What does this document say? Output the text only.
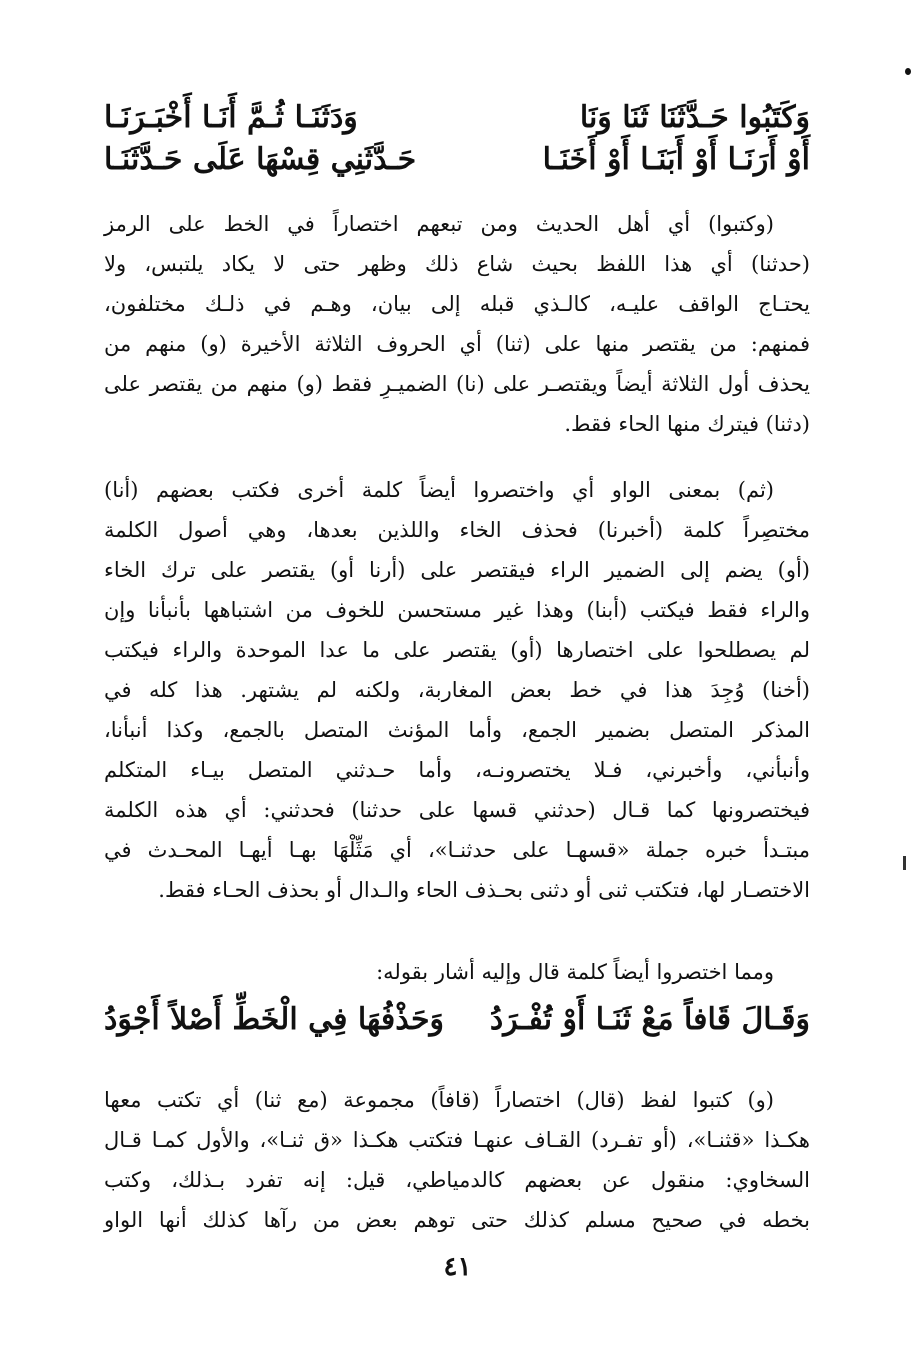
وَكَتَبُوا حَـدَّثَنَا ثَنَا وَنَا
وَدَثَنَـا ثُـمَّ أَنَـا أَخْبَـرَنَـا
أَوْ أَرَنَـا أَوْ أَبَنَـا أَوْ أَخَنَـا
حَـدَّثَنِي قِسْهَا عَلَى حَـدَّثَنَـا

(وكتبوا) أي أهل الحديث ومن تبعهم اختصاراً في الخط على الرمز
(حدثنا) أي هذا اللفظ بحيث شاع ذلك وظهر حتى لا يكاد يلتبس، ولا
يحتـاج الواقف عليـه، كالـذي قبله إلى بيان، وهـم في ذلـك مختلفون،
فمنهم: من يقتصر منها على (ثنا) أي الحروف الثلاثة الأخيرة (و) منهم من
يحذف أول الثلاثة أيضاً ويقتصـر على (نا) الضميـرِ فقط (و) منهم من يقتصر على
(دثنا) فيترك منها الحاء فقط.

(ثم) بمعنى الواو أي واختصروا أيضاً كلمة أخرى فكتب بعضهم (أنا)
مختصِراً كلمة (أخبرنا) فحذف الخاء واللذين بعدها، وهي أصول الكلمة
(أو) يضم إلى الضمير الراء فيقتصر على (أرنا أو) يقتصر على ترك الخاء
والراء فقط فيكتب (أبنا) وهذا غير مستحسن للخوف من اشتباهها بأنبأنا وإن
لم يصطلحوا على اختصارها (أو) يقتصر على ما عدا الموحدة والراء فيكتب
(أخنا) وُجِدَ هذا في خط بعض المغاربة، ولكنه لم يشتهر. هذا كله في
المذكر المتصل بضمير الجمع، وأما المؤنث المتصل بالجمع، وكذا أنبأنا،
وأنبأني، وأخبرني، فـلا يختصرونـه، وأما حـدثني المتصل بيـاء المتكلم
فيختصرونها كما قـال (حدثني قسها على حدثنا) فحدثني: أي هذه الكلمة
مبتـدأ خبره جملة «قسهـا على حدثنـا»، أي مَثِّلْهَا بهـا أيهـا المحـدث في
الاختصـار لها، فتكتب ثنى أو دثنى بحـذف الحاء والـدال أو بحذف الحـاء فقط.

ومما اختصروا أيضاً كلمة قال وإليه أشار بقوله:
وَقَـالَ قَافاً مَعْ ثَنَـا أَوْ تُفْـرَدُ
وَحَذْفُهَا فِي الْخَطِّ أَصْلاً أَجْوَدُ

(و) كتبوا لفظ (قال) اختصاراً (قافاً) مجموعة (مع ثنا) أي تكتب معها
هكـذا «قثنـا»، (أو تفـرد) القـاف عنهـا فتكتب هكـذا «ق ثنـا»، والأول كمـا قـال
السخاوي: منقول عن بعضهم كالدمياطي، قيل: إنه تفرد بـذلك، وكتب
بخطه في صحيح مسلم كذلك حتى توهم بعض من رآها كذلك أنها الواو

٤١
